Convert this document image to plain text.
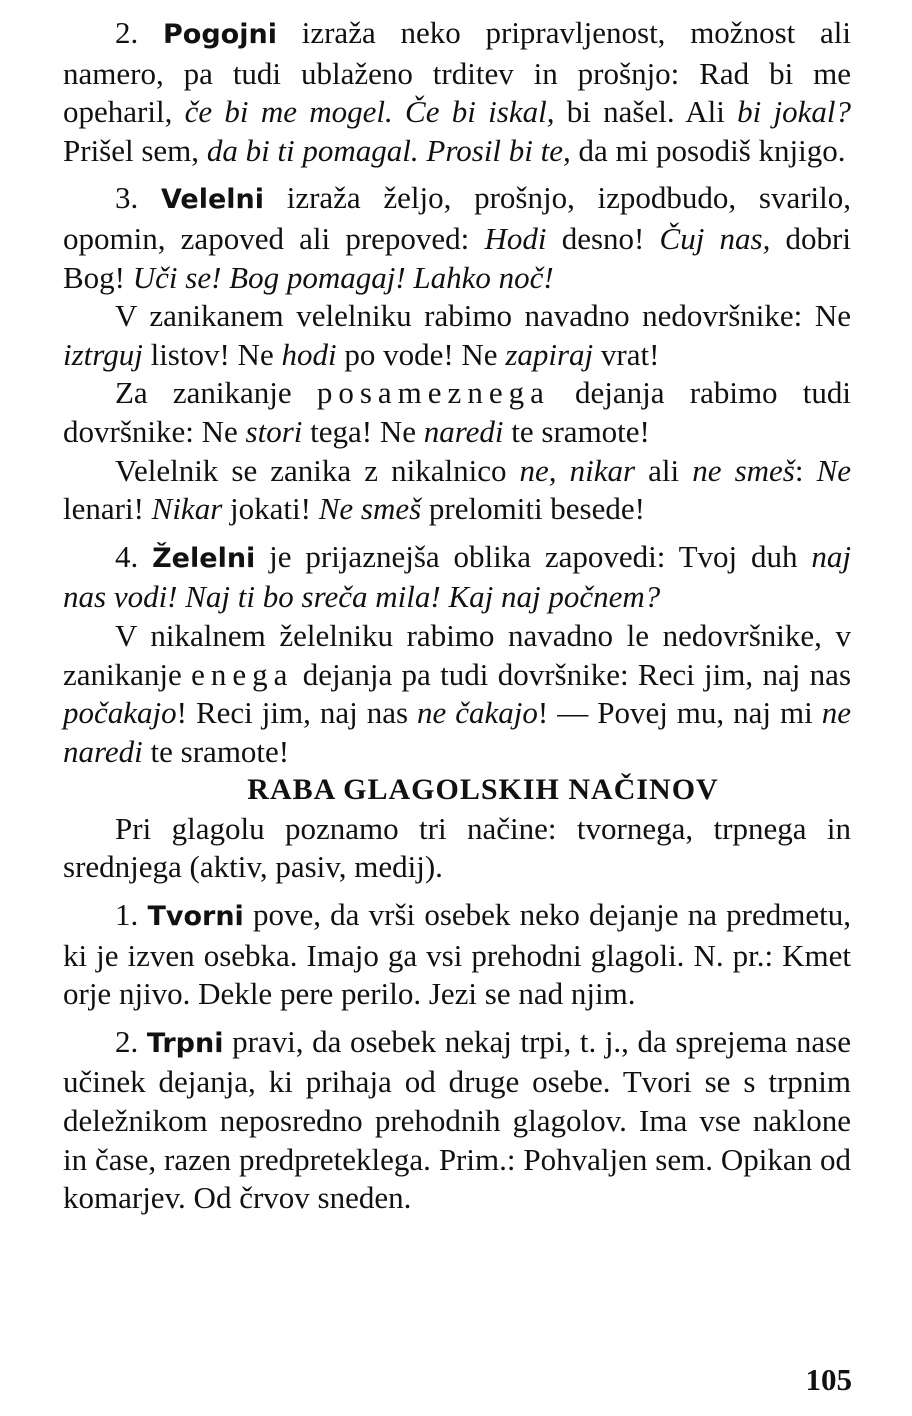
2. Pogojni izraža neko pripravljenost, možnost ali namero, pa tudi ublaženo trditev in prošnjo: Rad bi me opeharil, če bi me mogel. Če bi iskal, bi našel. Ali bi jokal? Prišel sem, da bi ti pomagal. Prosil bi te, da mi posodiš knjigo.

3. Velelni izraža željo, prošnjo, izpodbudo, svarilo, opomin, zapoved ali prepoved: Hodi desno! Čuj nas, dobri Bog! Uči se! Bog pomagaj! Lahko noč!

V zanikanem velelniku rabimo navadno nedovršnike: Ne iztrguj listov! Ne hodi po vode! Ne zapiraj vrat!

Za zanikanje posameznega dejanja rabimo tudi dovršnike: Ne stori tega! Ne naredi te sramote!

Velelnik se zanika z nikalnico ne, nikar ali ne smeš: Ne lenari! Nikar jokati! Ne smeš prelomiti besede!

4. Želelni je prijaznejša oblika zapovedi: Tvoj duh naj nas vodi! Naj ti bo sreča mila! Kaj naj počnem?

V nikalnem želelniku rabimo navadno le nedovršnike, v zanikanje enega dejanja pa tudi dovršnike: Reci jim, naj nas počakajo! Reci jim, naj nas ne čakajo! — Povej mu, naj mi ne naredi te sramote!

RABA GLAGOLSKIH NAČINOV

Pri glagolu poznamo tri načine: tvornega, trpnega in srednjega (aktiv, pasiv, medij).

1. Tvorni pove, da vrši osebek neko dejanje na predmetu, ki je izven osebka. Imajo ga vsi prehodni glagoli. N. pr.: Kmet orje njivo. Dekle pere perilo. Jezi se nad njim.

2. Trpni pravi, da osebek nekaj trpi, t. j., da sprejema nase učinek dejanja, ki prihaja od druge osebe. Tvori se s trpnim deležnikom neposredno prehodnih glagolov. Ima vse naklone in čase, razen predpreteklega. Prim.: Pohvaljen sem. Opikan od komarjev. Od črvov sneden.

105
